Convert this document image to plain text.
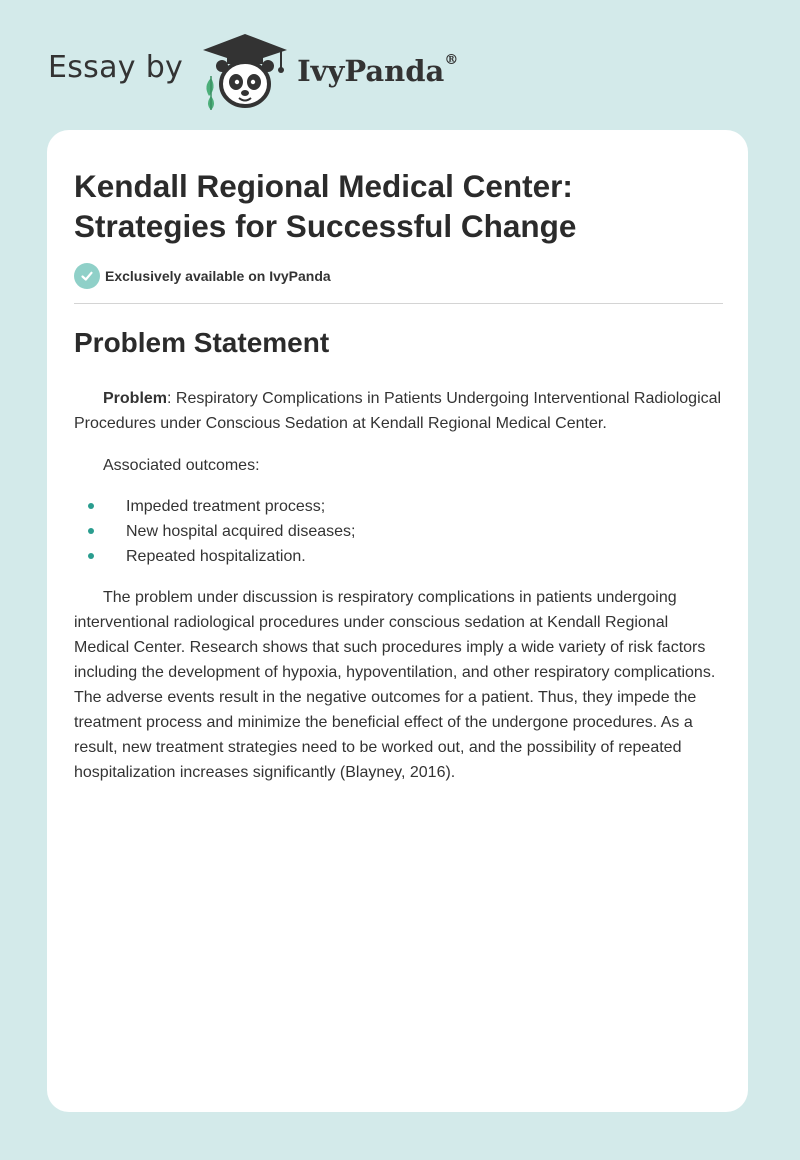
Essay by	IvyPanda®
Kendall Regional Medical Center:
Strategies for Successful Change
Exclusively available on IvyPanda
Problem Statement

Problem: Respiratory Complications in Patients Undergoing Interventional Radiological Procedures under Conscious Sedation at Kendall Regional Medical Center.

Associated outcomes:

Impeded treatment process;
New hospital acquired diseases;
Repeated hospitalization.

The problem under discussion is respiratory complications in patients undergoing interventional radiological procedures under conscious sedation at Kendall Regional Medical Center. Research shows that such procedures imply a wide variety of risk factors including the development of hypoxia, hypoventilation, and other respiratory complications. The adverse events result in the negative outcomes for a patient. Thus, they impede the treatment process and minimize the beneficial effect of the undergone procedures. As a result, new treatment strategies need to be worked out, and the possibility of repeated hospitalization increases significantly (Blayney, 2016).
